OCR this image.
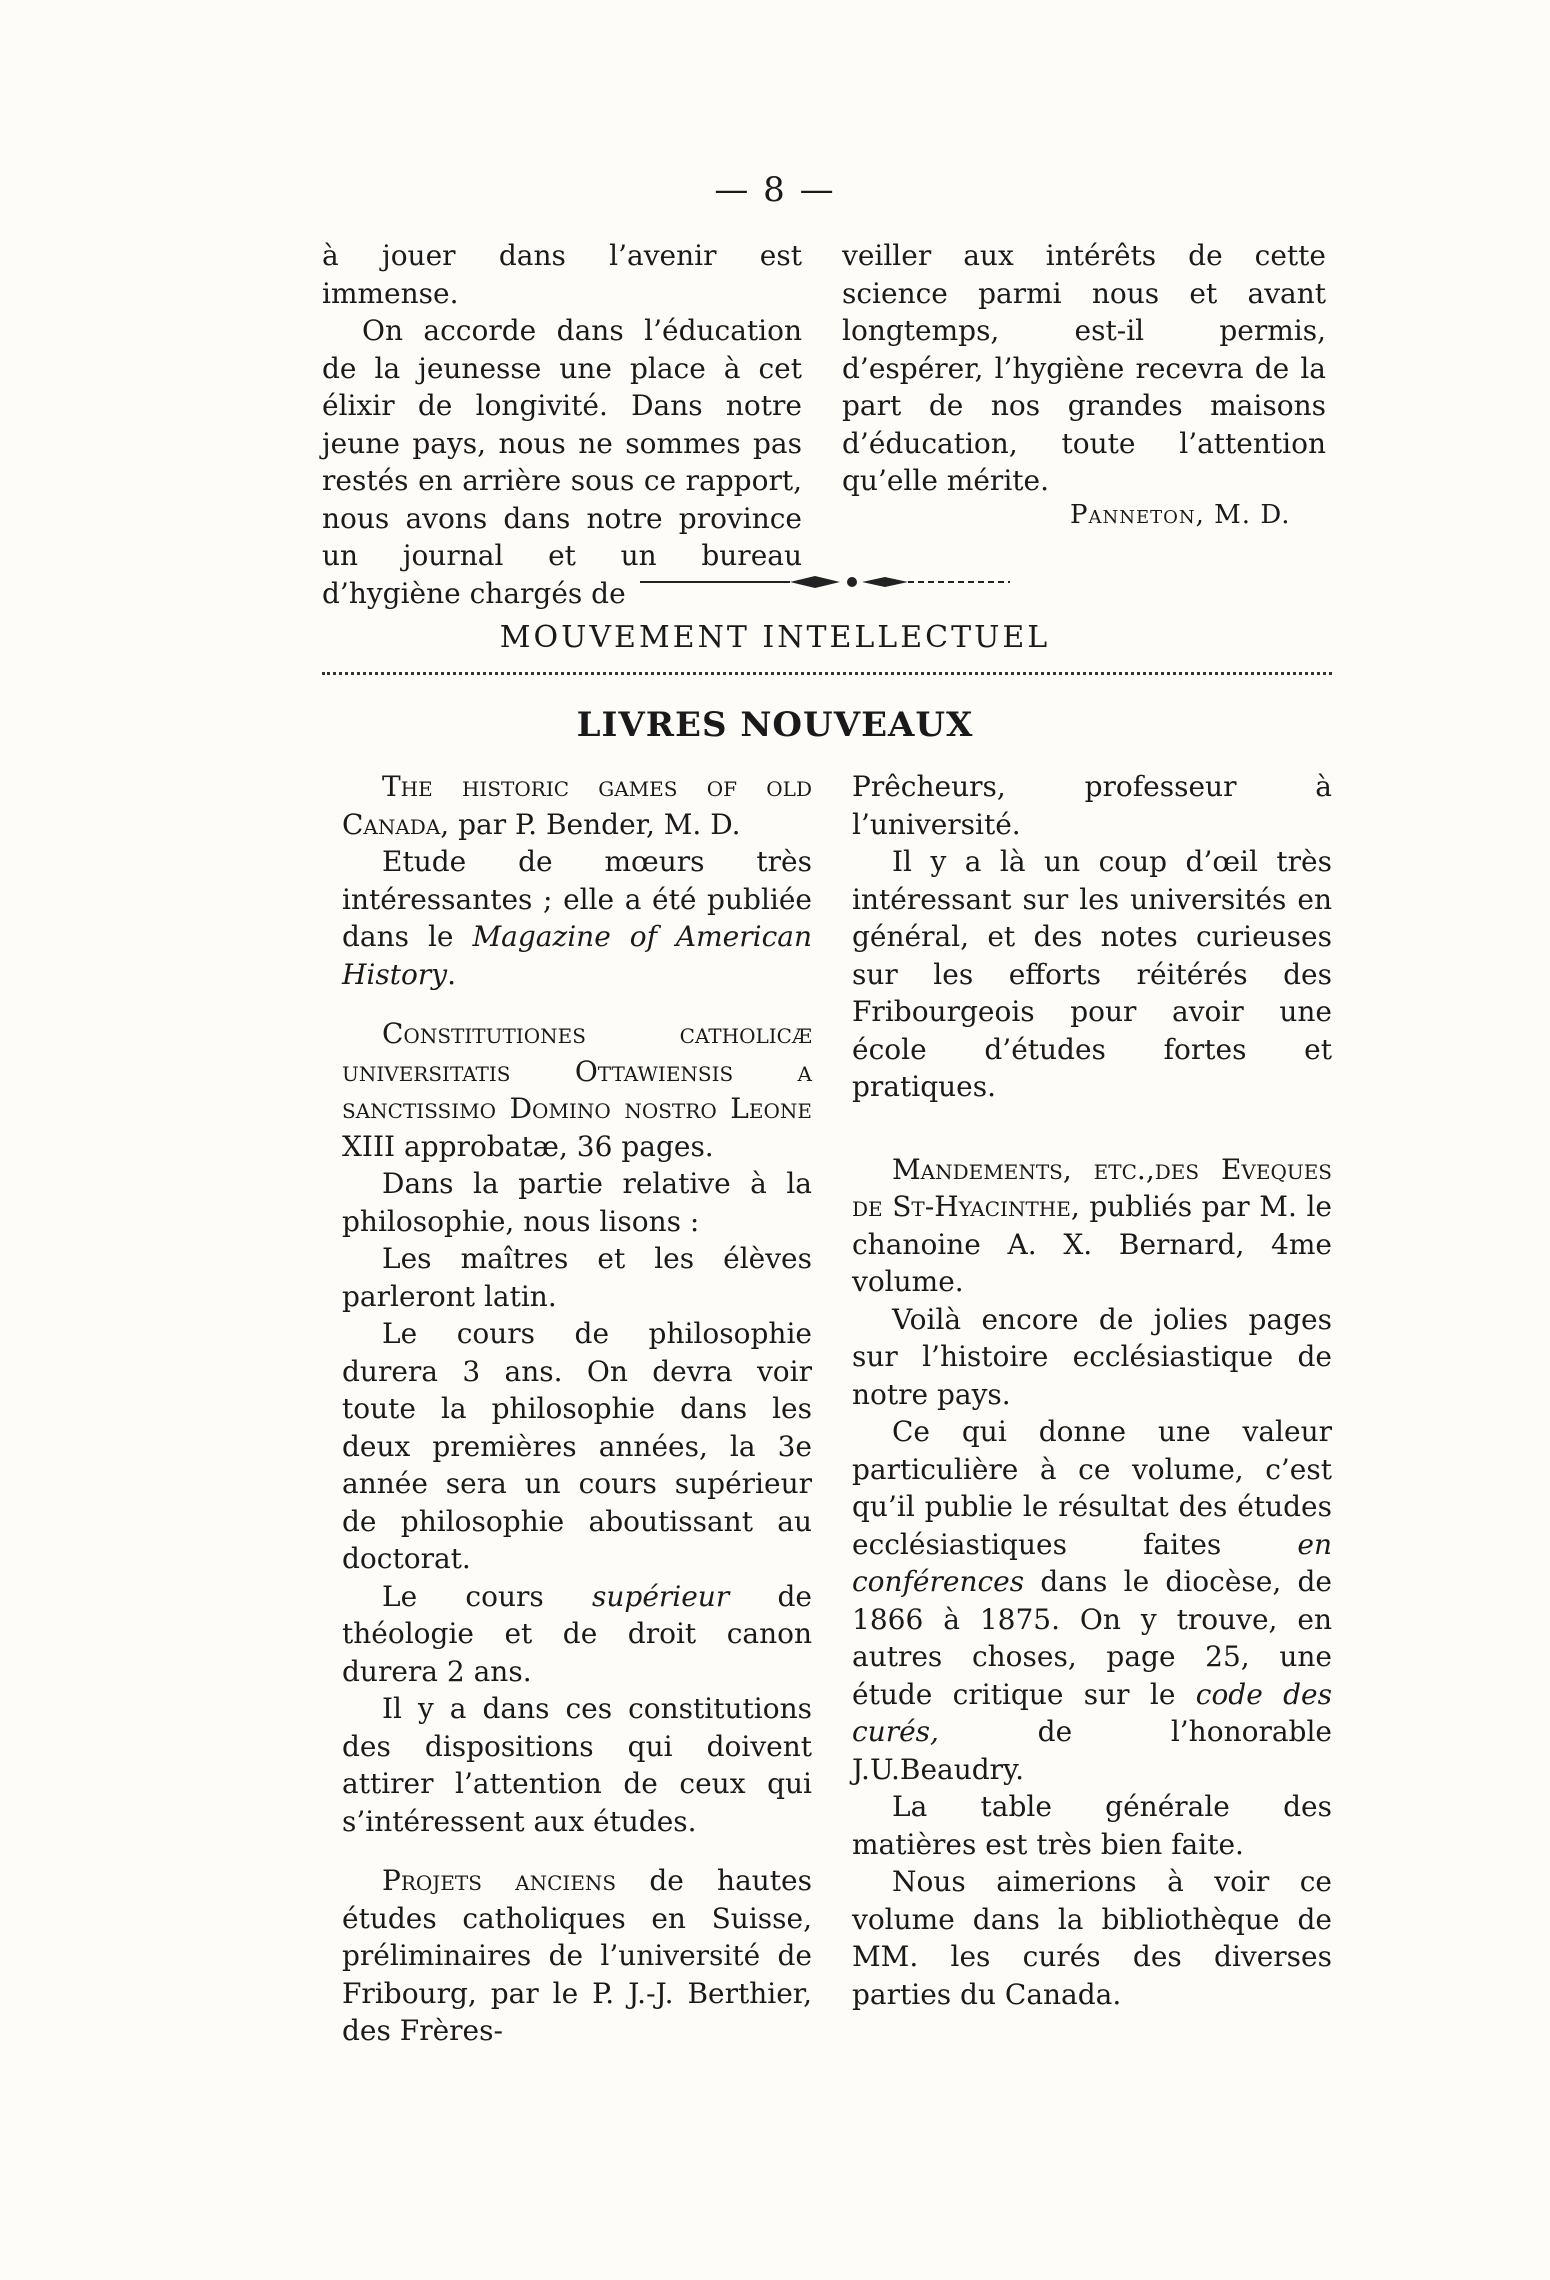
— 8 —

à jouer dans l’avenir est immense.

On accorde dans l’éducation de la jeunesse une place à cet élixir de longivité. Dans notre jeune pays, nous ne sommes pas restés en arrière sous ce rapport, nous avons dans notre province un journal et un bureau d’hygiène chargés de

veiller aux intérêts de cette science parmi nous et avant longtemps, est-il permis, d’espérer, l’hygiène recevra de la part de nos grandes maisons d’éducation, toute l’attention qu’elle mérite.

Panneton, M. D.
MOUVEMENT INTELLECTUEL
LIVRES NOUVEAUX

The historic games of old Canada, par P. Bender, M. D.

Etude de mœurs très intéressantes ; elle a été publiée dans le Magazine of American History.

Constitutiones catholicæ universitatis Ottawiensis a sanctissimo Domino nostro Leone XIII approbatæ, 36 pages.

Dans la partie relative à la philosophie, nous lisons :

Les maîtres et les élèves parleront latin.

Le cours de philosophie durera 3 ans. On devra voir toute la philosophie dans les deux premières années, la 3e année sera un cours supérieur de philosophie aboutissant au doctorat.

Le cours supérieur de théologie et de droit canon durera 2 ans.

Il y a dans ces constitutions des dispositions qui doivent attirer l’attention de ceux qui s’intéressent aux études.

Projets anciens de hautes études catholiques en Suisse, préliminaires de l’université de Fribourg, par le P. J.-J. Berthier, des Frères-

Prêcheurs, professeur à l’université.

Il y a là un coup d’œil très intéressant sur les universités en général, et des notes curieuses sur les efforts réitérés des Fribourgeois pour avoir une école d’études fortes et pratiques.

Mandements, etc.,des Eveques de St-Hyacinthe, publiés par M. le chanoine A. X. Bernard, 4me volume.

Voilà encore de jolies pages sur l’histoire ecclésiastique de notre pays.

Ce qui donne une valeur particulière à ce volume, c’est qu’il publie le résultat des études ecclésiastiques faites en conférences dans le diocèse, de 1866 à 1875. On y trouve, en autres choses, page 25, une étude critique sur le code des curés, de l’honorable J.U.Beaudry.

La table générale des matières est très bien faite.

Nous aimerions à voir ce volume dans la bibliothèque de MM. les curés des diverses parties du Canada.
